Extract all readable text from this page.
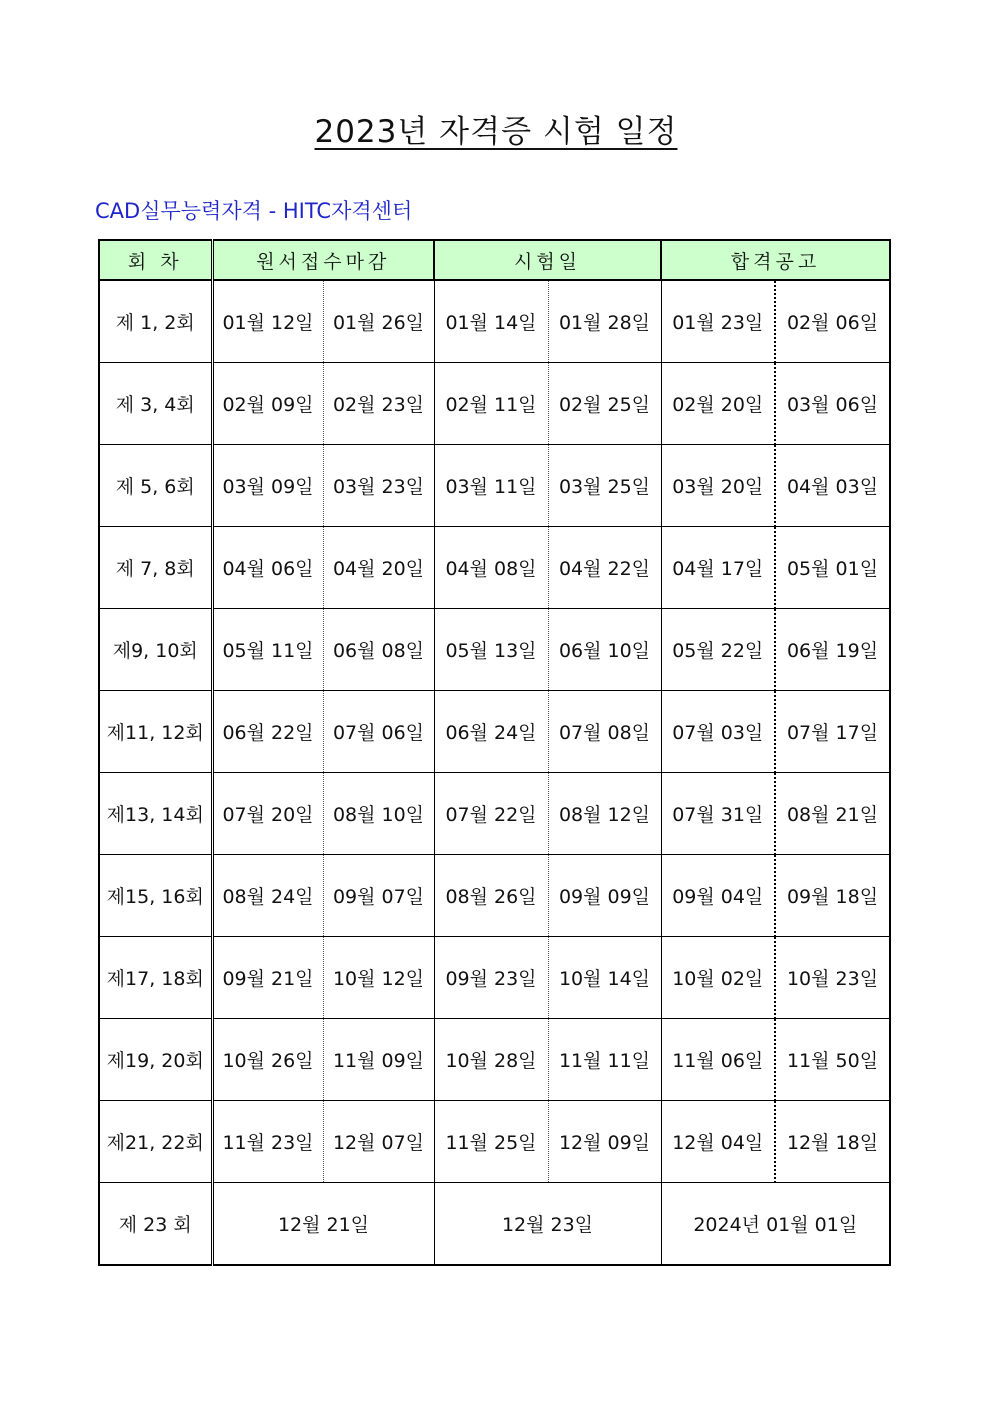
2023년 자격증 시험 일정
CAD실무능력자격 - HITC자격센터
회 차	원서접수마감		시험일		합격공고	
제 1, 2회	01월 12일	01월 26일	01월 14일	01월 28일	01월 23일	02월 06일
제 3, 4회	02월 09일	02월 23일	02월 11일	02월 25일	02월 20일	03월 06일
제 5, 6회	03월 09일	03월 23일	03월 11일	03월 25일	03월 20일	04월 03일
제 7, 8회	04월 06일	04월 20일	04월 08일	04월 22일	04월 17일	05월 01일
제9, 10회	05월 11일	06월 08일	05월 13일	06월 10일	05월 22일	06월 19일
제11, 12회	06월 22일	07월 06일	06월 24일	07월 08일	07월 03일	07월 17일
제13, 14회	07월 20일	08월 10일	07월 22일	08월 12일	07월 31일	08월 21일
제15, 16회	08월 24일	09월 07일	08월 26일	09월 09일	09월 04일	09월 18일
제17, 18회	09월 21일	10월 12일	09월 23일	10월 14일	10월 02일	10월 23일
제19, 20회	10월 26일	11월 09일	10월 28일	11월 11일	11월 06일	11월 50일
제21, 22회	11월 23일	12월 07일	11월 25일	12월 09일	12월 04일	12월 18일
제 23 회	12월 21일		12월 23일		2024년 01월 01일	
